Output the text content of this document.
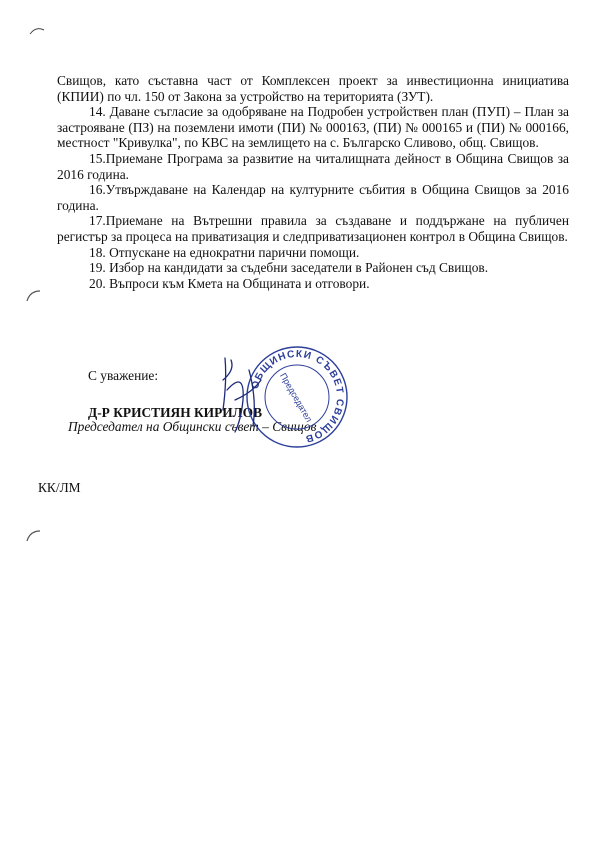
Свищов, като съставна част от Комплексен проект за инвестиционна инициатива (КПИИ) по чл. 150 от Закона за устройство на територията (ЗУТ).

14. Даване съгласие за одобряване на Подробен устройствен план (ПУП) – План за застрояване (ПЗ) на поземлени имоти (ПИ) № 000163, (ПИ) № 000165 и (ПИ) № 000166, местност "Кривулка", по КВС на землището на с. Българско Сливово, общ. Свищов.

15.Приемане Програма за развитие на читалищната дейност в Община Свищов за 2016 година.

16.Утвърждаване на Календар на културните събития в Община Свищов за 2016 година.

17.Приемане на Вътрешни правила за създаване и поддържане на публичен регистър за процеса на приватизация и следприватизационен контрол в Община Свищов.

18. Отпускане на еднократни парични помощи.

19. Избор на кандидати за съдебни заседатели в Районен съд Свищов.

20. Въпроси към Кмета на Общината и отговори.

С уважение:
Д-Р КРИСТИЯН КИРИЛОВ
Председател на Общински съвет – Свищов
КК/ЛМ
ОБЩИНСКИ СЪВЕТ СВИЩОВ
Председател
